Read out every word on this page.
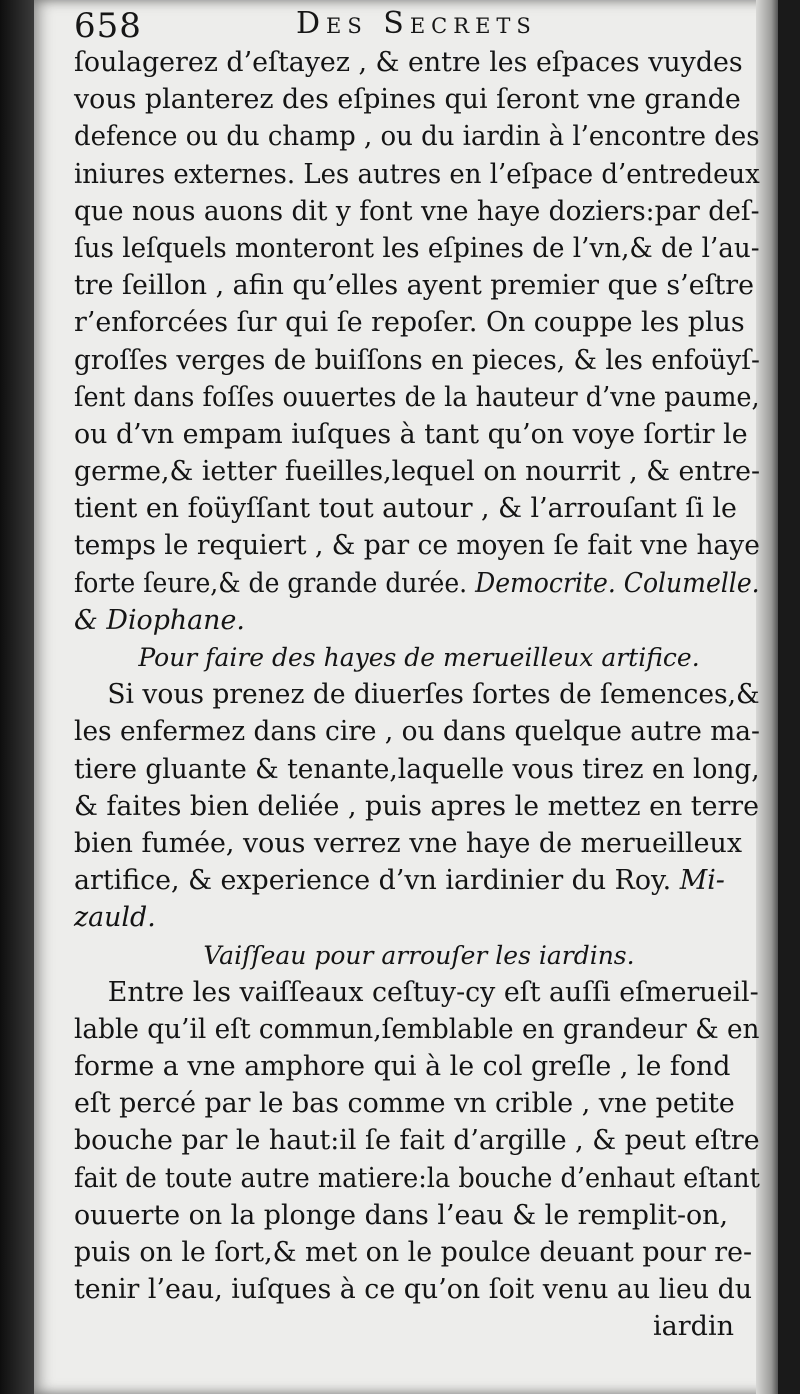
658	Des Secrets
ſoulagerez d’eſtayez , & entre les eſpaces vuydes
vous planterez des eſpines qui ſeront vne grande
defence ou du champ , ou du iardin à l’encontre des
iniures externes. Les autres en l’eſpace d’entredeux
que nous auons dit y font vne haye doziers:par deſ-
ſus leſquels monteront les eſpines de l’vn,& de l’au-
tre ſeillon , afin qu’elles ayent premier que s’eſtre
r’enforcées ſur qui ſe repoſer. On couppe les plus
groſſes verges de buiſſons en pieces, & les enfoüyſ-
ſent dans foſſes ouuertes de la hauteur d’vne paume,
ou d’vn empam iuſques à tant qu’on voye ſortir le
germe,& ietter fueilles,lequel on nourrit , & entre-
tient en foüyſſant tout autour , & l’arrouſant ſi le
temps le requiert , & par ce moyen ſe fait vne haye
forte ſeure,& de grande durée. Democrite. Columelle.
& Diophane.
Pour faire des hayes de merueilleux artifice.
Si vous prenez de diuerſes ſortes de ſemences,&
les enfermez dans cire , ou dans quelque autre ma-
tiere gluante & tenante,laquelle vous tirez en long,
& faites bien deliée , puis apres le mettez en terre
bien fumée, vous verrez vne haye de merueilleux
artifice, & experience d’vn iardinier du Roy. Mi-
zauld.
Vaiſſeau pour arrouſer les iardins.
Entre les vaiſſeaux ceſtuy-cy eſt auſſi eſmerueil-
lable qu’il eſt commun,ſemblable en grandeur & en
forme a vne amphore qui à le col greſle , le fond
eſt percé par le bas comme vn crible , vne petite
bouche par le haut:il ſe fait d’argille , & peut eſtre
fait de toute autre matiere:la bouche d’enhaut eſtant
ouuerte on la plonge dans l’eau & le remplit-on,
puis on le ſort,& met on le poulce deuant pour re-
tenir l’eau, iuſques à ce qu’on ſoit venu au lieu du
iardin
